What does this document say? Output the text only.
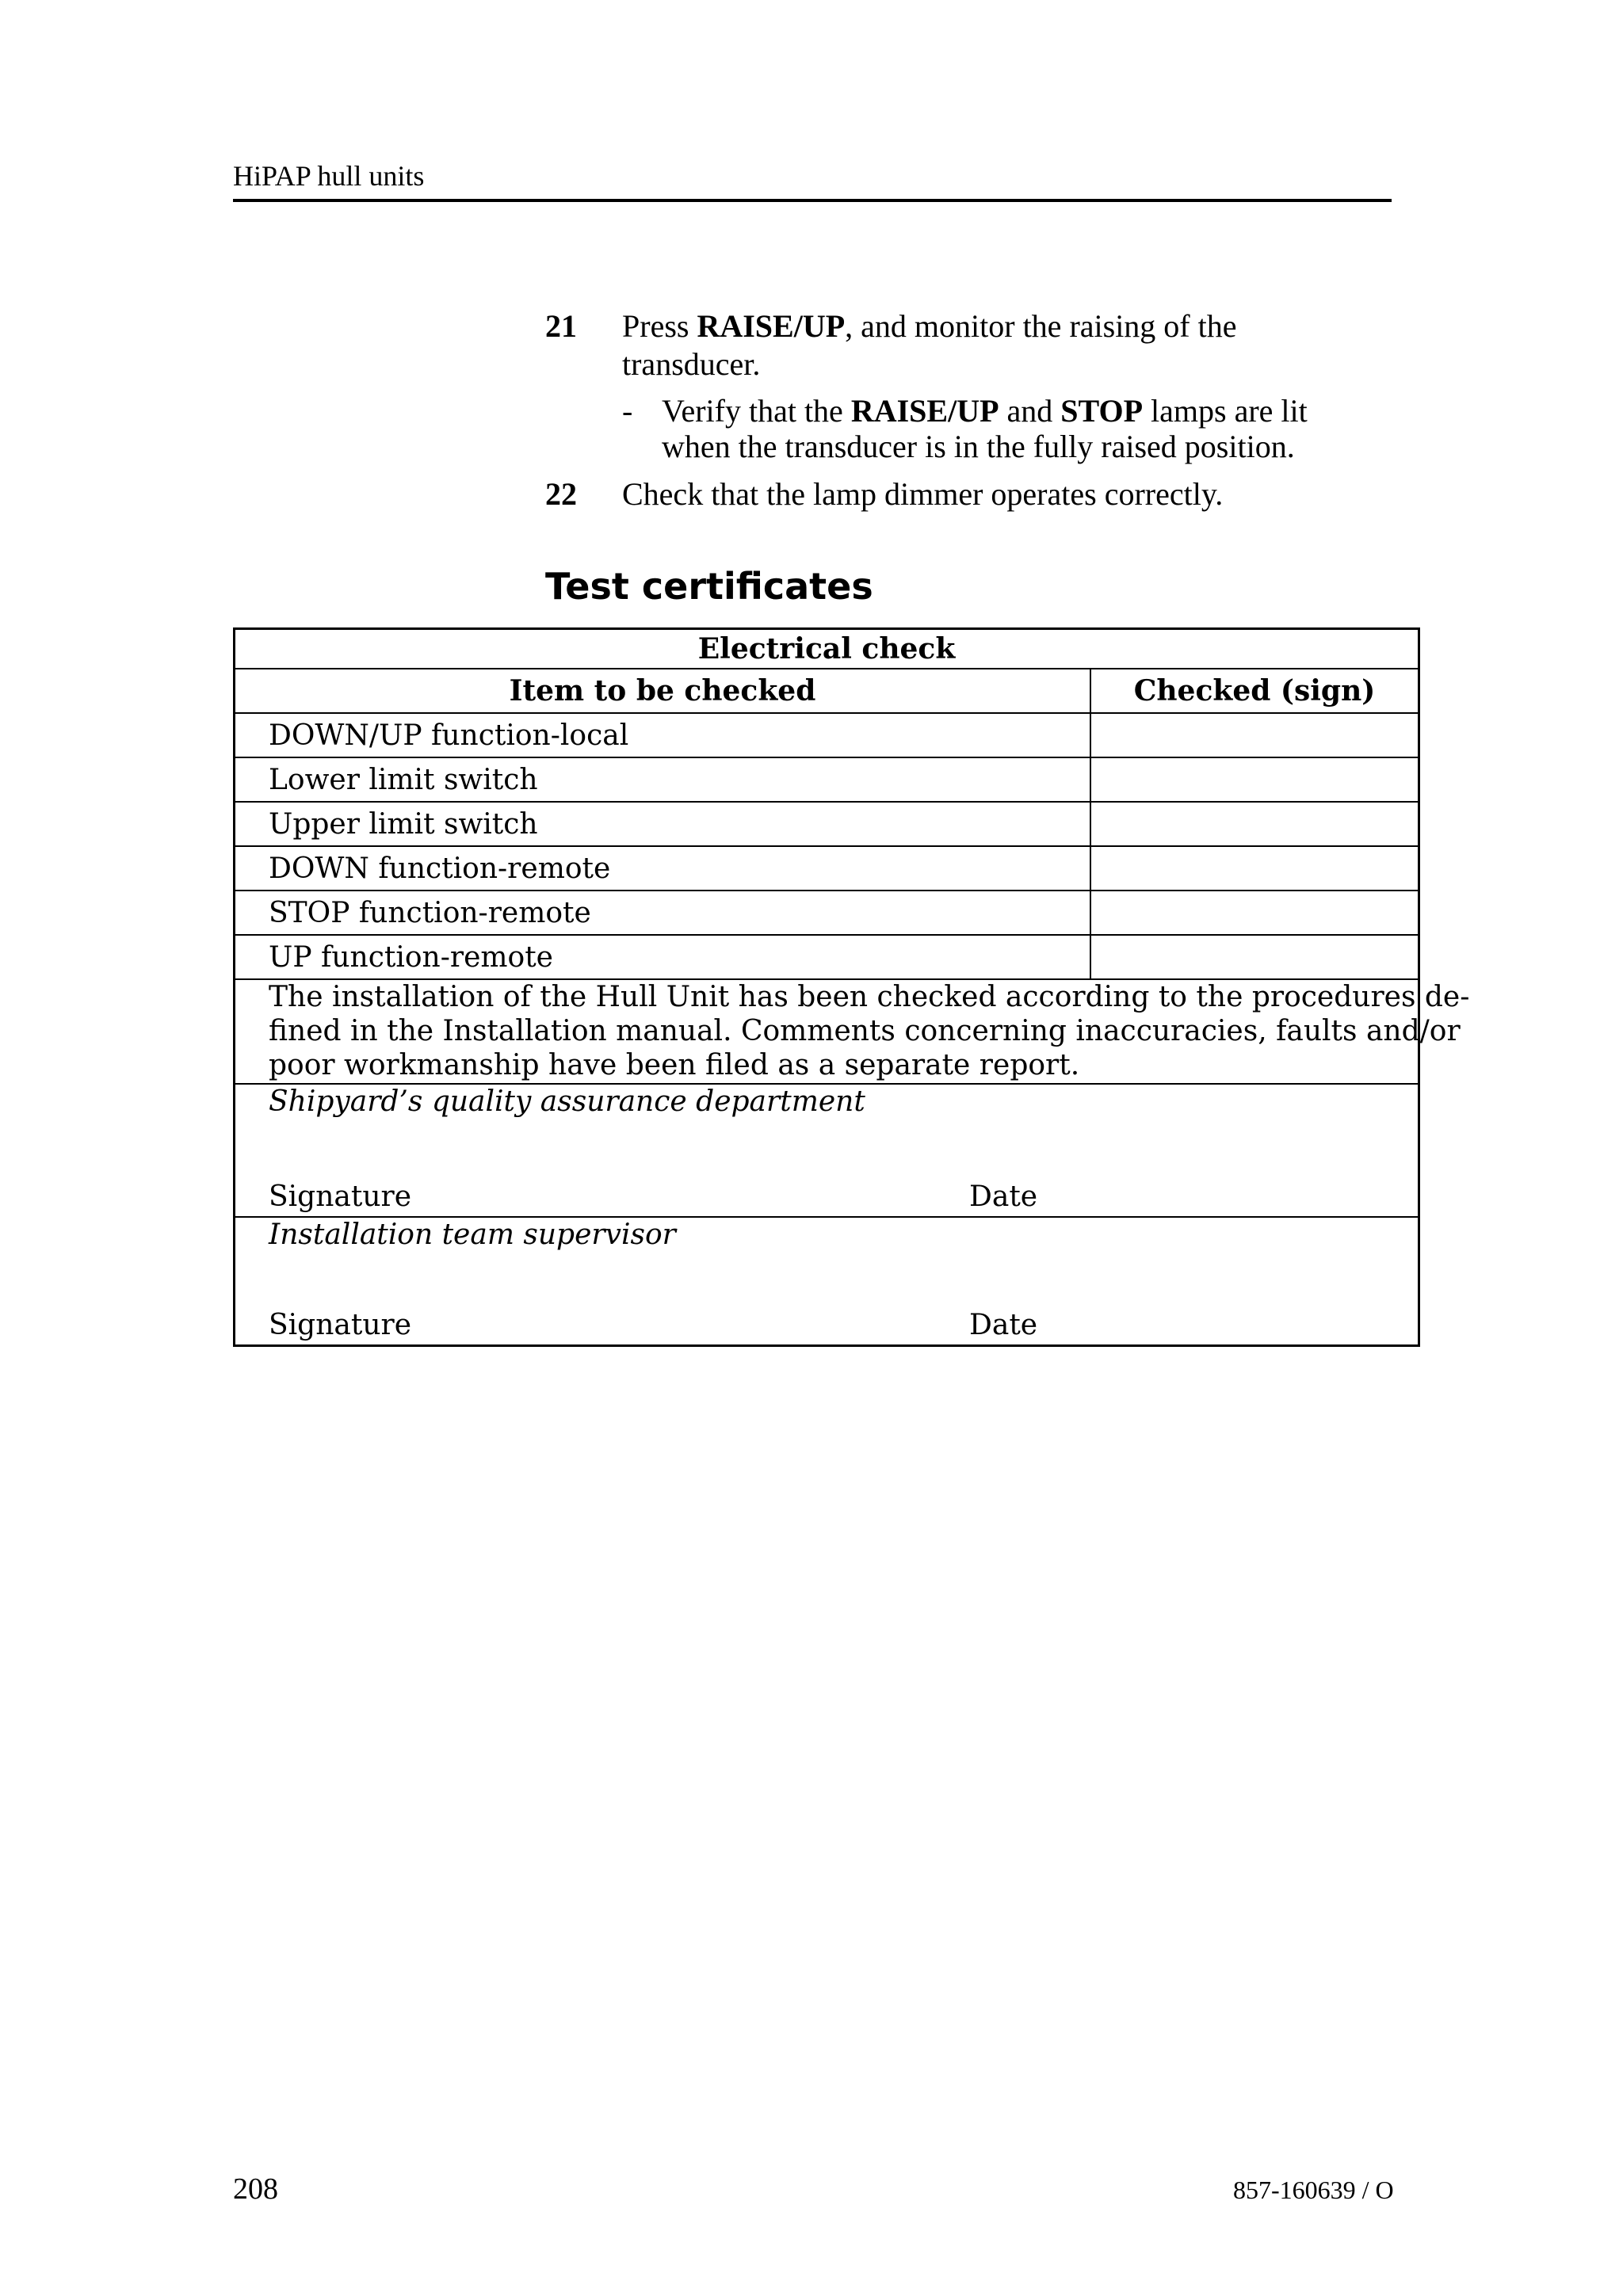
HiPAP hull units
21 Press RAISE/UP, and monitor the raising of the
transducer.
- Verify that the RAISE/UP and STOP lamps are lit
when the transducer is in the fully raised position.
22 Check that the lamp dimmer operates correctly.
Test certificates
Electrical check
Item to be checked	Checked (sign)
DOWN/UP function-local
Lower limit switch
Upper limit switch
DOWN function-remote
STOP function-remote
UP function-remote
The installation of the Hull Unit has been checked according to the procedures de-
fined in the Installation manual. Comments concerning inaccuracies, faults and/or
poor workmanship have been filed as a separate report.
Shipyard’s quality assurance department
Signature	Date
Installation team supervisor
Signature	Date
208	857-160639 / O
